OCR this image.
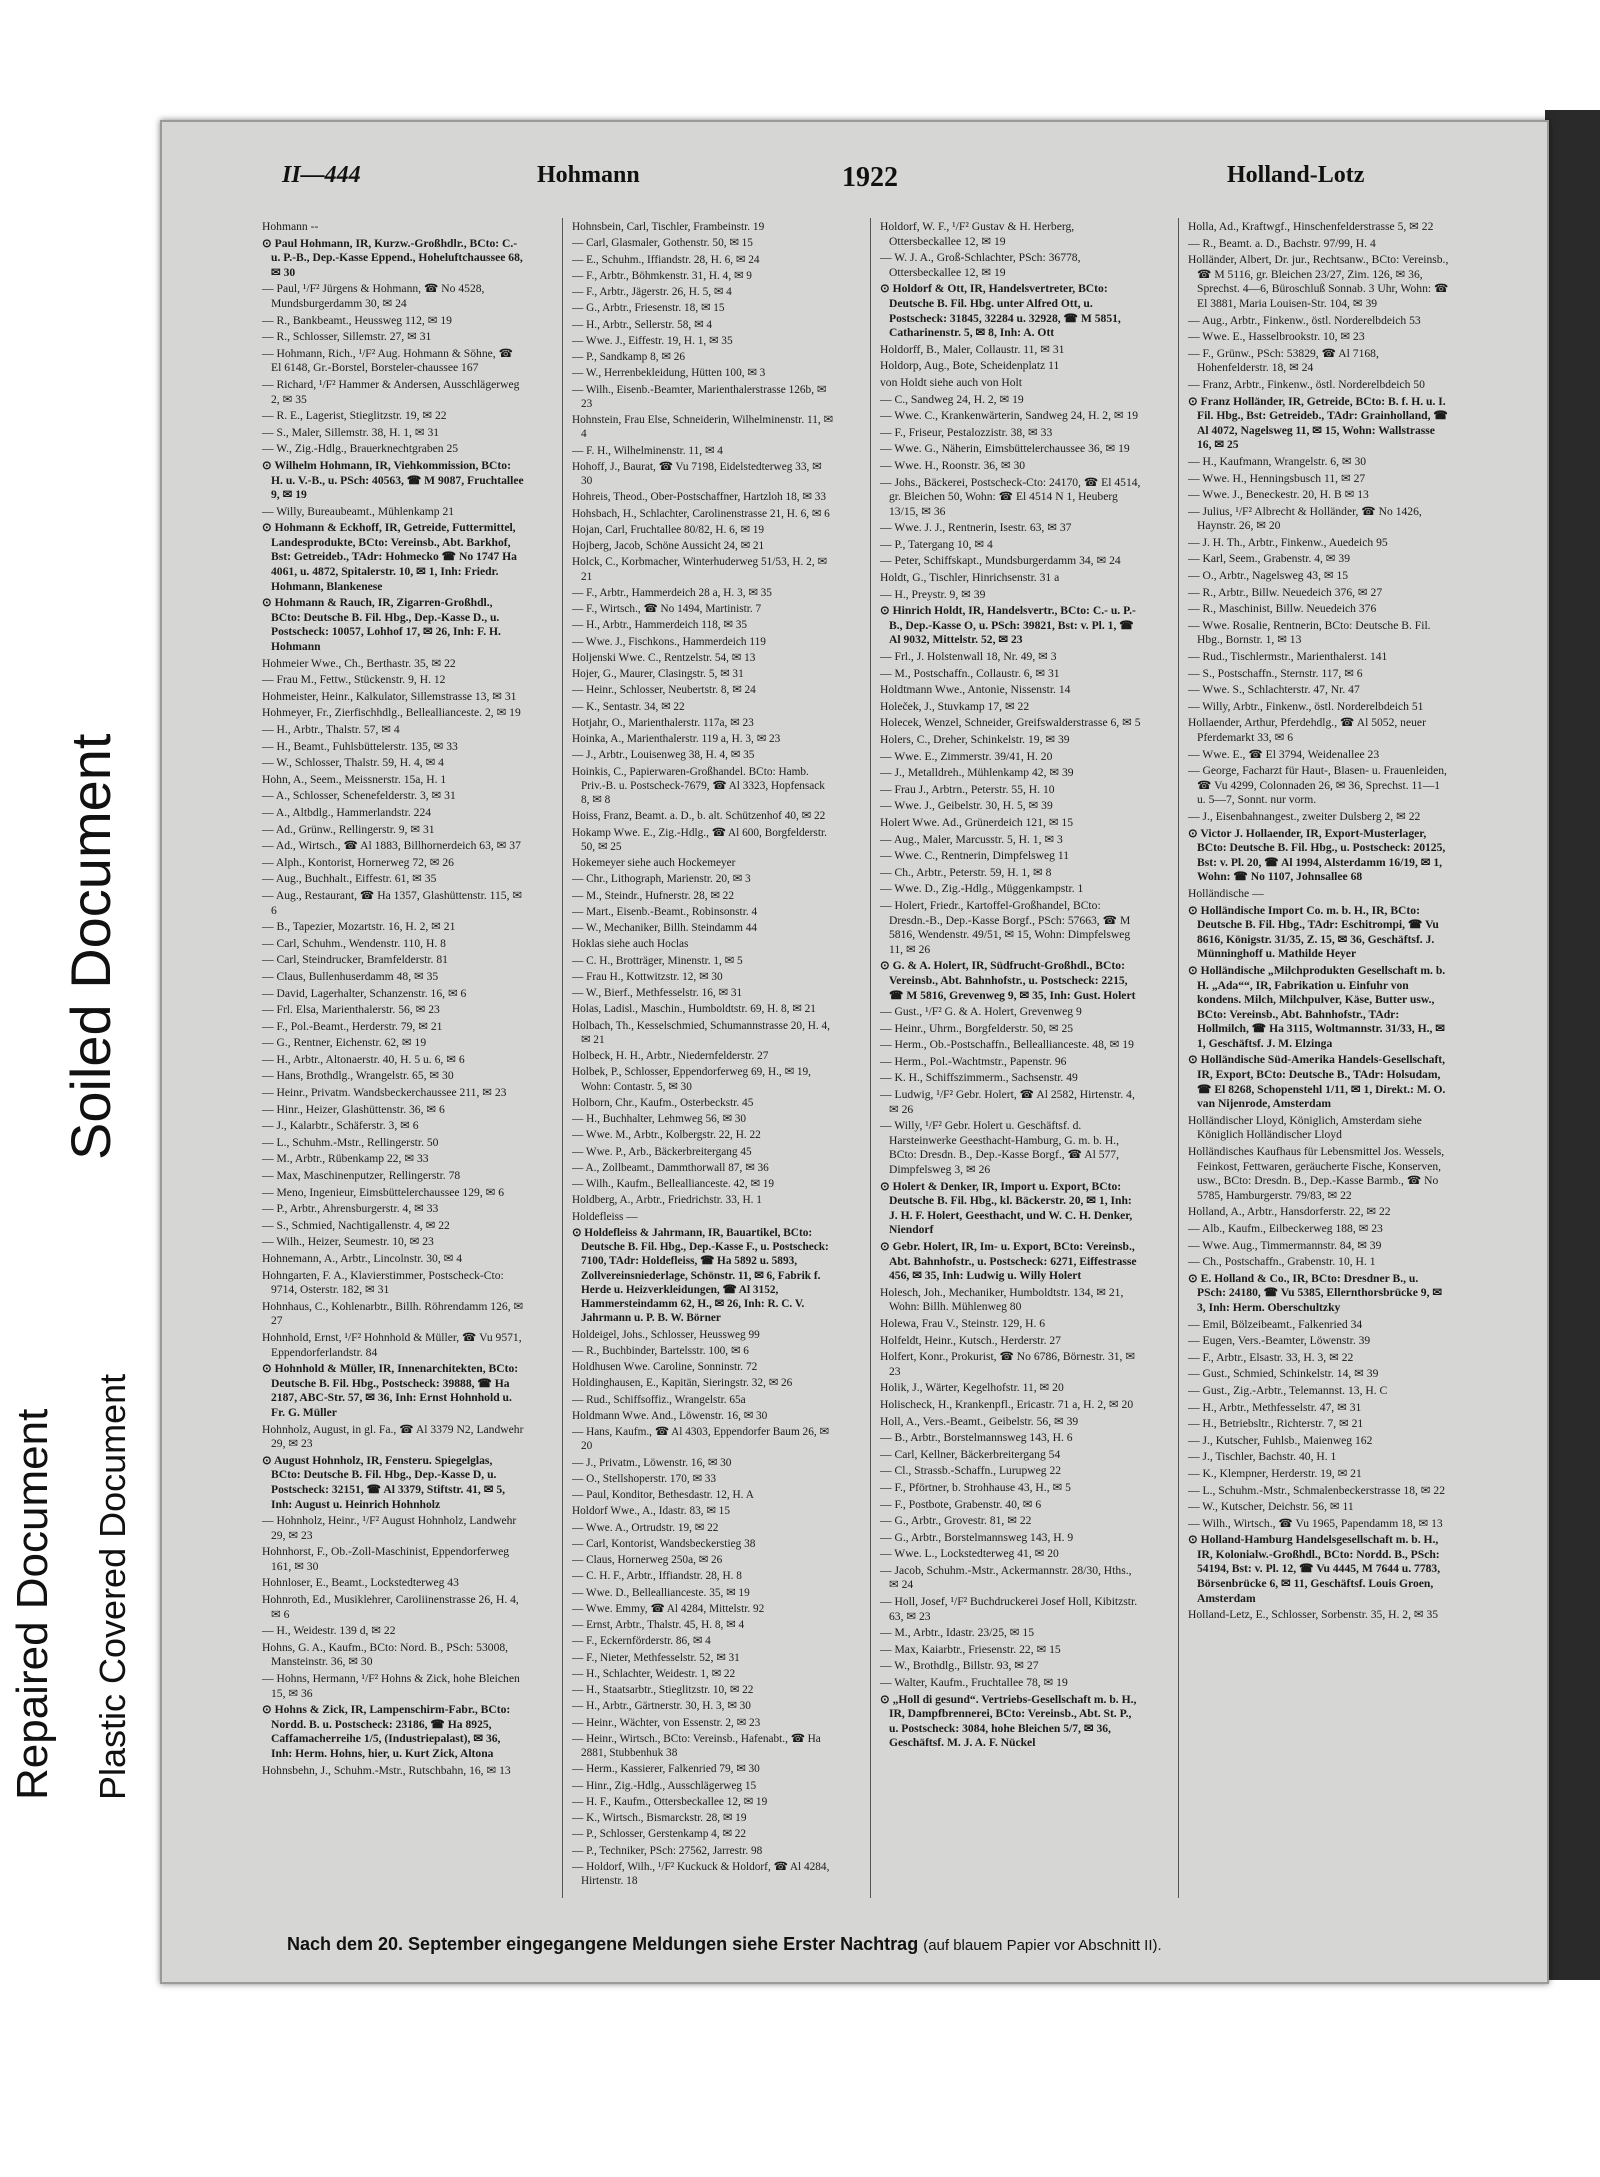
Repaired Document Plastic Covered Document
Soiled Document
II—444	Hohmann	1922	Holland-Lotz

Hohmann --

⊙ Paul Hohmann, IR, Kurzw.-Großhdlr., BCto: C.- u. P.-B., Dep.-Kasse Eppend., Hoheluftchaussee 68, ✉ 30

— Paul, ¹/F² Jürgens & Hohmann, ☎ No 4528, Mundsburgerdamm 30, ✉ 24

— R., Bankbeamt., Heussweg 112, ✉ 19

— R., Schlosser, Sillemstr. 27, ✉ 31

— Hohmann, Rich., ¹/F² Aug. Hohmann & Söhne, ☎ El 6148, Gr.-Borstel, Borsteler-chaussee 167

— Richard, ¹/F² Hammer & Andersen, Ausschlägerweg 2, ✉ 35

— R. E., Lagerist, Stieglitzstr. 19, ✉ 22

— S., Maler, Sillemstr. 38, H. 1, ✉ 31

— W., Zig.-Hdlg., Brauerknechtgraben 25

⊙ Wilhelm Hohmann, IR, Viehkommission, BCto: H. u. V.-B., u. PSch: 40563, ☎ M 9087, Fruchtallee 9, ✉ 19

— Willy, Bureaubeamt., Mühlenkamp 21

⊙ Hohmann & Eckhoff, IR, Getreide, Futtermittel, Landesprodukte, BCto: Vereinsb., Abt. Barkhof, Bst: Getreideb., TAdr: Hohmecko ☎ No 1747 Ha 4061, u. 4872, Spitalerstr. 10, ✉ 1, Inh: Friedr. Hohmann, Blankenese

⊙ Hohmann & Rauch, IR, Zigarren-Großhdl., BCto: Deutsche B. Fil. Hbg., Dep.-Kasse D., u. Postscheck: 10057, Lohhof 17, ✉ 26, Inh: F. H. Hohmann

Hohmeier Wwe., Ch., Berthastr. 35, ✉ 22

— Frau M., Fettw., Stückenstr. 9, H. 12

Hohmeister, Heinr., Kalkulator, Sillemstrasse 13, ✉ 31

Hohmeyer, Fr., Zierfischhdlg., Belleallianceste. 2, ✉ 19

— H., Arbtr., Thalstr. 57, ✉ 4

— H., Beamt., Fuhlsbüttelerstr. 135, ✉ 33

— W., Schlosser, Thalstr. 59, H. 4, ✉ 4

Hohn, A., Seem., Meissnerstr. 15a, H. 1

— A., Schlosser, Schenefelderstr. 3, ✉ 31

— A., Altbdlg., Hammerlandstr. 224

— Ad., Grünw., Rellingerstr. 9, ✉ 31

— Ad., Wirtsch., ☎ Al 1883, Billhornerdeich 63, ✉ 37

— Alph., Kontorist, Hornerweg 72, ✉ 26

— Aug., Buchhalt., Eiffestr. 61, ✉ 35

— Aug., Restaurant, ☎ Ha 1357, Glashüttenstr. 115, ✉ 6

— B., Tapezier, Mozartstr. 16, H. 2, ✉ 21

— Carl, Schuhm., Wendenstr. 110, H. 8

— Carl, Steindrucker, Bramfelderstr. 81

— Claus, Bullenhuserdamm 48, ✉ 35

— David, Lagerhalter, Schanzenstr. 16, ✉ 6

— Frl. Elsa, Marienthalerstr. 56, ✉ 23

— F., Pol.-Beamt., Herderstr. 79, ✉ 21

— G., Rentner, Eichenstr. 62, ✉ 19

— H., Arbtr., Altonaerstr. 40, H. 5 u. 6, ✉ 6

— Hans, Brothdlg., Wrangelstr. 65, ✉ 30

— Heinr., Privatm. Wandsbeckerchaussee 211, ✉ 23

— Hinr., Heizer, Glashüttenstr. 36, ✉ 6

— J., Kalarbtr., Schäferstr. 3, ✉ 6

— L., Schuhm.-Mstr., Rellingerstr. 50

— M., Arbtr., Rübenkamp 22, ✉ 33

— Max, Maschinenputzer, Rellingerstr. 78

— Meno, Ingenieur, Eimsbüttelerchaussee 129, ✉ 6

— P., Arbtr., Ahrensburgerstr. 4, ✉ 33

— S., Schmied, Nachtigallenstr. 4, ✉ 22

— Wilh., Heizer, Seumestr. 10, ✉ 23

Hohnemann, A., Arbtr., Lincolnstr. 30, ✉ 4

Hohngarten, F. A., Klavierstimmer, Postscheck-Cto: 9714, Osterstr. 182, ✉ 31

Hohnhaus, C., Kohlenarbtr., Billh. Röhrendamm 126, ✉ 27

Hohnhold, Ernst, ¹/F² Hohnhold & Müller, ☎ Vu 9571, Eppendorferlandstr. 84

⊙ Hohnhold & Müller, IR, Innenarchitekten, BCto: Deutsche B. Fil. Hbg., Postscheck: 39888, ☎ Ha 2187, ABC-Str. 57, ✉ 36, Inh: Ernst Hohnhold u. Fr. G. Müller

Hohnholz, August, in gl. Fa., ☎ Al 3379 N2, Landwehr 29, ✉ 23

⊙ August Hohnholz, IR, Fensteru. Spiegelglas, BCto: Deutsche B. Fil. Hbg., Dep.-Kasse D, u. Postscheck: 32151, ☎ Al 3379, Stiftstr. 41, ✉ 5, Inh: August u. Heinrich Hohnholz

— Hohnholz, Heinr., ¹/F² August Hohnholz, Landwehr 29, ✉ 23

Hohnhorst, F., Ob.-Zoll-Maschinist, Eppendorferweg 161, ✉ 30

Hohnloser, E., Beamt., Lockstedterweg 43

Hohnroth, Ed., Musiklehrer, Caroliinenstrasse 26, H. 4, ✉ 6

— H., Weidestr. 139 d, ✉ 22

Hohns, G. A., Kaufm., BCto: Nord. B., PSch: 53008, Mansteinstr. 36, ✉ 30

— Hohns, Hermann, ¹/F² Hohns & Zick, hohe Bleichen 15, ✉ 36

⊙ Hohns & Zick, IR, Lampenschirm-Fabr., BCto: Nordd. B. u. Postscheck: 23186, ☎ Ha 8925, Caffamacherreihe 1/5, (Industriepalast), ✉ 36, Inh: Herm. Hohns, hier, u. Kurt Zick, Altona

Hohnsbehn, J., Schuhm.-Mstr., Rutschbahn, 16, ✉ 13

Hohnsbein, Carl, Tischler, Frambeinstr. 19

— Carl, Glasmaler, Gothenstr. 50, ✉ 15

— E., Schuhm., Iffiandstr. 28, H. 6, ✉ 24

— F., Arbtr., Böhmkenstr. 31, H. 4, ✉ 9

— F., Arbtr., Jägerstr. 26, H. 5, ✉ 4

— G., Arbtr., Friesenstr. 18, ✉ 15

— H., Arbtr., Sellerstr. 58, ✉ 4

— Wwe. J., Eiffestr. 19, H. 1, ✉ 35

— P., Sandkamp 8, ✉ 26

— W., Herrenbekleidung, Hütten 100, ✉ 3

— Wilh., Eisenb.-Beamter, Marienthalerstrasse 126b, ✉ 23

Hohnstein, Frau Else, Schneiderin, Wilhelminenstr. 11, ✉ 4

— F. H., Wilhelminenstr. 11, ✉ 4

Hohoff, J., Baurat, ☎ Vu 7198, Eidelstedterweg 33, ✉ 30

Hohreis, Theod., Ober-Postschaffner, Hartzloh 18, ✉ 33

Hohsbach, H., Schlachter, Carolinenstrasse 21, H. 6, ✉ 6

Hojan, Carl, Fruchtallee 80/82, H. 6, ✉ 19

Hojberg, Jacob, Schöne Aussicht 24, ✉ 21

Holck, C., Korbmacher, Winterhuderweg 51/53, H. 2, ✉ 21

— F., Arbtr., Hammerdeich 28 a, H. 3, ✉ 35

— F., Wirtsch., ☎ No 1494, Martinistr. 7

— H., Arbtr., Hammerdeich 118, ✉ 35

— Wwe. J., Fischkons., Hammerdeich 119

Holjenski Wwe. C., Rentzelstr. 54, ✉ 13

Hojer, G., Maurer, Clasingstr. 5, ✉ 31

— Heinr., Schlosser, Neubertstr. 8, ✉ 24

— K., Sentastr. 34, ✉ 22

Hotjahr, O., Marienthalerstr. 117a, ✉ 23

Hoinka, A., Marienthalerstr. 119 a, H. 3, ✉ 23

— J., Arbtr., Louisenweg 38, H. 4, ✉ 35

Hoinkis, C., Papierwaren-Großhandel. BCto: Hamb. Priv.-B. u. Postscheck-7679, ☎ Al 3323, Hopfensack 8, ✉ 8

Hoiss, Franz, Beamt. a. D., b. alt. Schützenhof 40, ✉ 22

Hokamp Wwe. E., Zig.-Hdlg., ☎ Al 600, Borgfelderstr. 50, ✉ 25

Hokemeyer siehe auch Hockemeyer

— Chr., Lithograph, Marienstr. 20, ✉ 3

— M., Steindr., Hufnerstr. 28, ✉ 22

— Mart., Eisenb.-Beamt., Robinsonstr. 4

— W., Mechaniker, Billh. Steindamm 44

Hoklas siehe auch Hoclas

— C. H., Brotträger, Minenstr. 1, ✉ 5

— Frau H., Kottwitzstr. 12, ✉ 30

— W., Bierf., Methfesselstr. 16, ✉ 31

Holas, Ladisl., Maschin., Humboldtstr. 69, H. 8, ✉ 21

Holbach, Th., Kesselschmied, Schumannstrasse 20, H. 4, ✉ 21

Holbeck, H. H., Arbtr., Niedernfelderstr. 27

Holbek, P., Schlosser, Eppendorferweg 69, H., ✉ 19, Wohn: Contastr. 5, ✉ 30

Holborn, Chr., Kaufm., Osterbeckstr. 45

— H., Buchhalter, Lehmweg 56, ✉ 30

— Wwe. M., Arbtr., Kolbergstr. 22, H. 22

— Wwe. P., Arb., Bäckerbreitergang 45

— A., Zollbeamt., Dammthorwall 87, ✉ 36

— Wilh., Kaufm., Belleallianceste. 42, ✉ 19

Holdberg, A., Arbtr., Friedrichstr. 33, H. 1

Holdefleiss —

⊙ Holdefleiss & Jahrmann, IR, Bauartikel, BCto: Deutsche B. Fil. Hbg., Dep.-Kasse F., u. Postscheck: 7100, TAdr: Holdefleiss, ☎ Ha 5892 u. 5893, Zollvereinsniederlage, Schönstr. 11, ✉ 6, Fabrik f. Herde u. Heizverkleidungen, ☎ Al 3152, Hammersteindamm 62, H., ✉ 26, Inh: R. C. V. Jahrmann u. P. B. W. Börner

Holdeigel, Johs., Schlosser, Heussweg 99

— R., Buchbinder, Bartelsstr. 100, ✉ 6

Holdhusen Wwe. Caroline, Sonninstr. 72

Holdinghausen, E., Kapitän, Sieringstr. 32, ✉ 26

— Rud., Schiffsoffiz., Wrangelstr. 65a

Holdmann Wwe. And., Löwenstr. 16, ✉ 30

— Hans, Kaufm., ☎ Al 4303, Eppendorfer Baum 26, ✉ 20

— J., Privatm., Löwenstr. 16, ✉ 30

— O., Stellshoperstr. 170, ✉ 33

— Paul, Konditor, Bethesdastr. 12, H. A

Holdorf Wwe., A., Idastr. 83, ✉ 15

— Wwe. A., Ortrudstr. 19, ✉ 22

— Carl, Kontorist, Wandsbeckerstieg 38

— Claus, Hornerweg 250a, ✉ 26

— C. H. F., Arbtr., Iffiandstr. 28, H. 8

— Wwe. D., Belleallianceste. 35, ✉ 19

— Wwe. Emmy, ☎ Al 4284, Mittelstr. 92

— Ernst, Arbtr., Thalstr. 45, H. 8, ✉ 4

— F., Eckernförderstr. 86, ✉ 4

— F., Nieter, Methfesselstr. 52, ✉ 31

— H., Schlachter, Weidestr. 1, ✉ 22

— H., Staatsarbtr., Stieglitzstr. 10, ✉ 22

— H., Arbtr., Gärtnerstr. 30, H. 3, ✉ 30

— Heinr., Wächter, von Essenstr. 2, ✉ 23

— Heinr., Wirtsch., BCto: Vereinsb., Hafenabt., ☎ Ha 2881, Stubbenhuk 38

— Herm., Kassierer, Falkenried 79, ✉ 30

— Hinr., Zig.-Hdlg., Ausschlägerweg 15

— H. F., Kaufm., Ottersbeckallee 12, ✉ 19

— K., Wirtsch., Bismarckstr. 28, ✉ 19

— P., Schlosser, Gerstenkamp 4, ✉ 22

— P., Techniker, PSch: 27562, Jarrestr. 98

— Holdorf, Wilh., ¹/F² Kuckuck & Holdorf, ☎ Al 4284, Hirtenstr. 18

Holdorf, W. F., ¹/F² Gustav & H. Herberg, Ottersbeckallee 12, ✉ 19

— W. J. A., Groß-Schlachter, PSch: 36778, Ottersbeckallee 12, ✉ 19

⊙ Holdorf & Ott, IR, Handelsvertreter, BCto: Deutsche B. Fil. Hbg. unter Alfred Ott, u. Postscheck: 31845, 32284 u. 32928, ☎ M 5851, Catharinenstr. 5, ✉ 8, Inh: A. Ott

Holdorff, B., Maler, Collaustr. 11, ✉ 31

Holdorp, Aug., Bote, Scheidenplatz 11

von Holdt siehe auch von Holt

— C., Sandweg 24, H. 2, ✉ 19

— Wwe. C., Krankenwärterin, Sandweg 24, H. 2, ✉ 19

— F., Friseur, Pestalozzistr. 38, ✉ 33

— Wwe. G., Näherin, Eimsbüttelerchaussee 36, ✉ 19

— Wwe. H., Roonstr. 36, ✉ 30

— Johs., Bäckerei, Postscheck-Cto: 24170, ☎ El 4514, gr. Bleichen 50, Wohn: ☎ El 4514 N 1, Heuberg 13/15, ✉ 36

— Wwe. J. J., Rentnerin, Isestr. 63, ✉ 37

— P., Tatergang 10, ✉ 4

— Peter, Schiffskapt., Mundsburgerdamm 34, ✉ 24

Holdt, G., Tischler, Hinrichsenstr. 31 a

— H., Preystr. 9, ✉ 39

⊙ Hinrich Holdt, IR, Handelsvertr., BCto: C.- u. P.-B., Dep.-Kasse O, u. PSch: 39821, Bst: v. Pl. 1, ☎ Al 9032, Mittelstr. 52, ✉ 23

— Frl., J. Holstenwall 18, Nr. 49, ✉ 3

— M., Postschaffn., Collaustr. 6, ✉ 31

Holdtmann Wwe., Antonie, Nissenstr. 14

Holeček, J., Stuvkamp 17, ✉ 22

Holecek, Wenzel, Schneider, Greifswalderstrasse 6, ✉ 5

Holers, C., Dreher, Schinkelstr. 19, ✉ 39

— Wwe. E., Zimmerstr. 39/41, H. 20

— J., Metalldreh., Mühlenkamp 42, ✉ 39

— Frau J., Arbtrn., Peterstr. 55, H. 10

— Wwe. J., Geibelstr. 30, H. 5, ✉ 39

Holert Wwe. Ad., Grünerdeich 121, ✉ 15

— Aug., Maler, Marcusstr. 5, H. 1, ✉ 3

— Wwe. C., Rentnerin, Dimpfelsweg 11

— Ch., Arbtr., Peterstr. 59, H. 1, ✉ 8

— Wwe. D., Zig.-Hdlg., Müggenkampstr. 1

— Holert, Friedr., Kartoffel-Großhandel, BCto: Dresdn.-B., Dep.-Kasse Borgf., PSch: 57663, ☎ M 5816, Wendenstr. 49/51, ✉ 15, Wohn: Dimpfelsweg 11, ✉ 26

⊙ G. & A. Holert, IR, Südfrucht-Großhdl., BCto: Vereinsb., Abt. Bahnhofstr., u. Postscheck: 2215, ☎ M 5816, Grevenweg 9, ✉ 35, Inh: Gust. Holert

— Gust., ¹/F² G. & A. Holert, Grevenweg 9

— Heinr., Uhrm., Borgfelderstr. 50, ✉ 25

— Herm., Ob.-Postschaffn., Belleallianceste. 48, ✉ 19

— Herm., Pol.-Wachtmstr., Papenstr. 96

— K. H., Schiffszimmerm., Sachsenstr. 49

— Ludwig, ¹/F² Gebr. Holert, ☎ Al 2582, Hirtenstr. 4, ✉ 26

— Willy, ¹/F² Gebr. Holert u. Geschäftsf. d. Harsteinwerke Geesthacht-Hamburg, G. m. b. H., BCto: Dresdn. B., Dep.-Kasse Borgf., ☎ Al 577, Dimpfelsweg 3, ✉ 26

⊙ Holert & Denker, IR, Import u. Export, BCto: Deutsche B. Fil. Hbg., kl. Bäckerstr. 20, ✉ 1, Inh: J. H. F. Holert, Geesthacht, und W. C. H. Denker, Niendorf

⊙ Gebr. Holert, IR, Im- u. Export, BCto: Vereinsb., Abt. Bahnhofstr., u. Postscheck: 6271, Eiffestrasse 456, ✉ 35, Inh: Ludwig u. Willy Holert

Holesch, Joh., Mechaniker, Humboldtstr. 134, ✉ 21, Wohn: Billh. Mühlenweg 80

Holewa, Frau V., Steinstr. 129, H. 6

Holfeldt, Heinr., Kutsch., Herderstr. 27

Holfert, Konr., Prokurist, ☎ No 6786, Börnestr. 31, ✉ 23

Holik, J., Wärter, Kegelhofstr. 11, ✉ 20

Holischeck, H., Krankenpfl., Ericastr. 71 a, H. 2, ✉ 20

Holl, A., Vers.-Beamt., Geibelstr. 56, ✉ 39

— B., Arbtr., Borstelmannsweg 143, H. 6

— Carl, Kellner, Bäckerbreitergang 54

— Cl., Strassb.-Schaffn., Lurupweg 22

— F., Pförtner, b. Strohhause 43, H., ✉ 5

— F., Postbote, Grabenstr. 40, ✉ 6

— G., Arbtr., Grovestr. 81, ✉ 22

— G., Arbtr., Borstelmannsweg 143, H. 9

— Wwe. L., Lockstedterweg 41, ✉ 20

— Jacob, Schuhm.-Mstr., Ackermannstr. 28/30, Hths., ✉ 24

— Holl, Josef, ¹/F² Buchdruckerei Josef Holl, Kibitzstr. 63, ✉ 23

— M., Arbtr., Idastr. 23/25, ✉ 15

— Max, Kaiarbtr., Friesenstr. 22, ✉ 15

— W., Brothdlg., Billstr. 93, ✉ 27

— Walter, Kaufm., Fruchtallee 78, ✉ 19

⊙ „Holl di gesund“. Vertriebs-Gesellschaft m. b. H., IR, Dampfbrennerei, BCto: Vereinsb., Abt. St. P., u. Postscheck: 3084, hohe Bleichen 5/7, ✉ 36, Geschäftsf. M. J. A. F. Nückel

Holla, Ad., Kraftwgf., Hinschenfelderstrasse 5, ✉ 22

— R., Beamt. a. D., Bachstr. 97/99, H. 4

Holländer, Albert, Dr. jur., Rechtsanw., BCto: Vereinsb., ☎ M 5116, gr. Bleichen 23/27, Zim. 126, ✉ 36, Sprechst. 4—6, Büroschluß Sonnab. 3 Uhr, Wohn: ☎ El 3881, Maria Louisen-Str. 104, ✉ 39

— Aug., Arbtr., Finkenw., östl. Norderelbdeich 53

— Wwe. E., Hasselbrookstr. 10, ✉ 23

— F., Grünw., PSch: 53829, ☎ Al 7168, Hohenfelderstr. 18, ✉ 24

— Franz, Arbtr., Finkenw., östl. Norderelbdeich 50

⊙ Franz Holländer, IR, Getreide, BCto: B. f. H. u. I. Fil. Hbg., Bst: Getreideb., TAdr: Grainholland, ☎ Al 4072, Nagelsweg 11, ✉ 15, Wohn: Wallstrasse 16, ✉ 25

— H., Kaufmann, Wrangelstr. 6, ✉ 30

— Wwe. H., Henningsbusch 11, ✉ 27

— Wwe. J., Beneckestr. 20, H. B ✉ 13

— Julius, ¹/F² Albrecht & Holländer, ☎ No 1426, Haynstr. 26, ✉ 20

— J. H. Th., Arbtr., Finkenw., Auedeich 95

— Karl, Seem., Grabenstr. 4, ✉ 39

— O., Arbtr., Nagelsweg 43, ✉ 15

— R., Arbtr., Billw. Neuedeich 376, ✉ 27

— R., Maschinist, Billw. Neuedeich 376

— Wwe. Rosalie, Rentnerin, BCto: Deutsche B. Fil. Hbg., Bornstr. 1, ✉ 13

— Rud., Tischlermstr., Marienthalerst. 141

— S., Postschaffn., Sternstr. 117, ✉ 6

— Wwe. S., Schlachterstr. 47, Nr. 47

— Willy, Arbtr., Finkenw., östl. Norderelbdeich 51

Hollaender, Arthur, Pferdehdlg., ☎ Al 5052, neuer Pferdemarkt 33, ✉ 6

— Wwe. E., ☎ El 3794, Weidenallee 23

— George, Facharzt für Haut-, Blasen- u. Frauenleiden, ☎ Vu 4299, Colonnaden 26, ✉ 36, Sprechst. 11—1 u. 5—7, Sonnt. nur vorm.

— J., Eisenbahnangest., zweiter Dulsberg 2, ✉ 22

⊙ Victor J. Hollaender, IR, Export-Musterlager, BCto: Deutsche B. Fil. Hbg., u. Postscheck: 20125, Bst: v. Pl. 20, ☎ Al 1994, Alsterdamm 16/19, ✉ 1, Wohn: ☎ No 1107, Johnsallee 68

Holländische —

⊙ Holländische Import Co. m. b. H., IR, BCto: Deutsche B. Fil. Hbg., TAdr: Eschitrompi, ☎ Vu 8616, Königstr. 31/35, Z. 15, ✉ 36, Geschäftsf. J. Münninghoff u. Mathilde Heyer

⊙ Holländische „Milchprodukten Gesellschaft m. b. H. „Ada““, IR, Fabrikation u. Einfuhr von kondens. Milch, Milchpulver, Käse, Butter usw., BCto: Vereinsb., Abt. Bahnhofstr., TAdr: Hollmilch, ☎ Ha 3115, Woltmannstr. 31/33, H., ✉ 1, Geschäftsf. J. M. Elzinga

⊙ Holländische Süd-Amerika Handels-Gesellschaft, IR, Export, BCto: Deutsche B., TAdr: Holsudam, ☎ El 8268, Schopenstehl 1/11, ✉ 1, Direkt.: M. O. van Nijenrode, Amsterdam

Holländischer Lloyd, Königlich, Amsterdam siehe Königlich Holländischer Lloyd

Holländisches Kaufhaus für Lebensmittel Jos. Wessels, Feinkost, Fettwaren, geräucherte Fische, Konserven, usw., BCto: Dresdn. B., Dep.-Kasse Barmb., ☎ No 5785, Hamburgerstr. 79/83, ✉ 22

Holland, A., Arbtr., Hansdorferstr. 22, ✉ 22

— Alb., Kaufm., Eilbeckerweg 188, ✉ 23

— Wwe. Aug., Timmermannstr. 84, ✉ 39

— Ch., Postschaffn., Grabenstr. 10, H. 1

⊙ E. Holland & Co., IR, BCto: Dresdner B., u. PSch: 24180, ☎ Vu 5385, Ellernthorsbrücke 9, ✉ 3, Inh: Herm. Oberschultzky

— Emil, Bölzeibeamt., Falkenried 34

— Eugen, Vers.-Beamter, Löwenstr. 39

— F., Arbtr., Elsastr. 33, H. 3, ✉ 22

— Gust., Schmied, Schinkelstr. 14, ✉ 39

— Gust., Zig.-Arbtr., Telemannst. 13, H. C

— H., Arbtr., Methfesselstr. 47, ✉ 31

— H., Betriebsltr., Richterstr. 7, ✉ 21

— J., Kutscher, Fuhlsb., Maienweg 162

— J., Tischler, Bachstr. 40, H. 1

— K., Klempner, Herderstr. 19, ✉ 21

— L., Schuhm.-Mstr., Schmalenbeckerstrasse 18, ✉ 22

— W., Kutscher, Deichstr. 56, ✉ 11

— Wilh., Wirtsch., ☎ Vu 1965, Papendamm 18, ✉ 13

⊙ Holland-Hamburg Handelsgesellschaft m. b. H., IR, Kolonialw.-Großhdl., BCto: Nordd. B., PSch: 54194, Bst: v. Pl. 12, ☎ Vu 4445, M 7644 u. 7783, Börsenbrücke 6, ✉ 11, Geschäftsf. Louis Groen, Amsterdam

Holland-Letz, E., Schlosser, Sorbenstr. 35, H. 2, ✉ 35

Nach dem 20. September eingegangene Meldungen siehe Erster Nachtrag (auf blauem Papier vor Abschnitt II).
